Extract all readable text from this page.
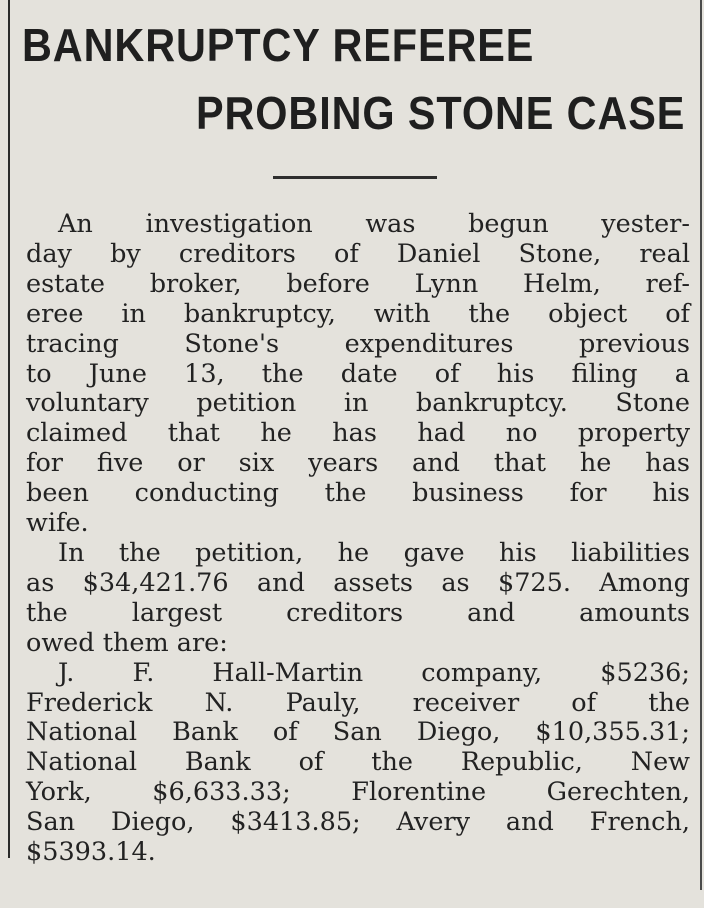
BANKRUPTCY REFEREE
PROBING STONE CASE
An investigation was begun yester-
day by creditors of Daniel Stone, real
estate broker, before Lynn Helm, ref-
eree in bankruptcy, with the object of
tracing Stone's expenditures previous
to June 13, the date of his filing a
voluntary petition in bankruptcy. Stone
claimed that he has had no property
for five or six years and that he has
been conducting the business for his
wife.
In the petition, he gave his liabilities
as $34,421.76 and assets as $725. Among
the largest creditors and amounts
owed them are:
J. F. Hall-Martin company, $5236;
Frederick N. Pauly, receiver of the
National Bank of San Diego, $10,355.31;
National Bank of the Republic, New
York, $6,633.33; Florentine Gerechten,
San Diego, $3413.85; Avery and French,
$5393.14.
